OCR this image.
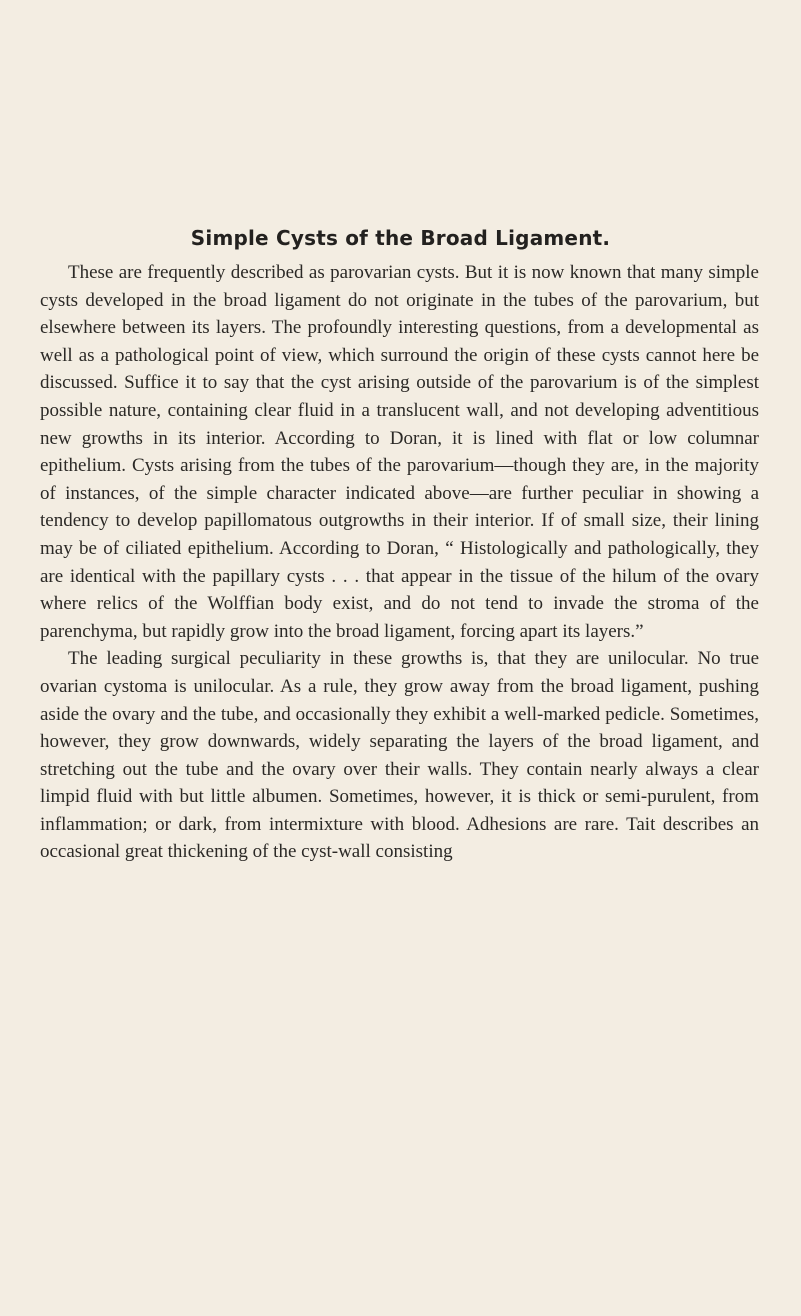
Simple Cysts of the Broad Ligament.

These are frequently described as parovarian cysts. But it is now known that many simple cysts developed in the broad ligament do not originate in the tubes of the parovarium, but elsewhere between its layers. The profoundly interesting questions, from a developmental as well as a pathological point of view, which surround the origin of these cysts cannot here be discussed. Suffice it to say that the cyst arising outside of the parovarium is of the simplest possible nature, containing clear fluid in a translucent wall, and not developing adventitious new growths in its interior. According to Doran, it is lined with flat or low columnar epithelium. Cysts arising from the tubes of the parovarium—though they are, in the majority of instances, of the simple character indicated above—are further peculiar in showing a tendency to develop papillomatous outgrowths in their interior. If of small size, their lining may be of ciliated epithelium. According to Doran, “ Histologically and pathologically, they are identical with the papillary cysts . . . that appear in the tissue of the hilum of the ovary where relics of the Wolffian body exist, and do not tend to invade the stroma of the parenchyma, but rapidly grow into the broad ligament, forcing apart its layers.”

The leading surgical peculiarity in these growths is, that they are unilocular. No true ovarian cystoma is unilocular. As a rule, they grow away from the broad ligament, pushing aside the ovary and the tube, and occasionally they exhibit a well-marked pedicle. Sometimes, however, they grow downwards, widely separating the layers of the broad ligament, and stretching out the tube and the ovary over their walls. They contain nearly always a clear limpid fluid with but little albumen. Sometimes, however, it is thick or semi-purulent, from inflammation; or dark, from intermixture with blood. Adhesions are rare. Tait describes an occasional great thickening of the cyst-wall consisting
